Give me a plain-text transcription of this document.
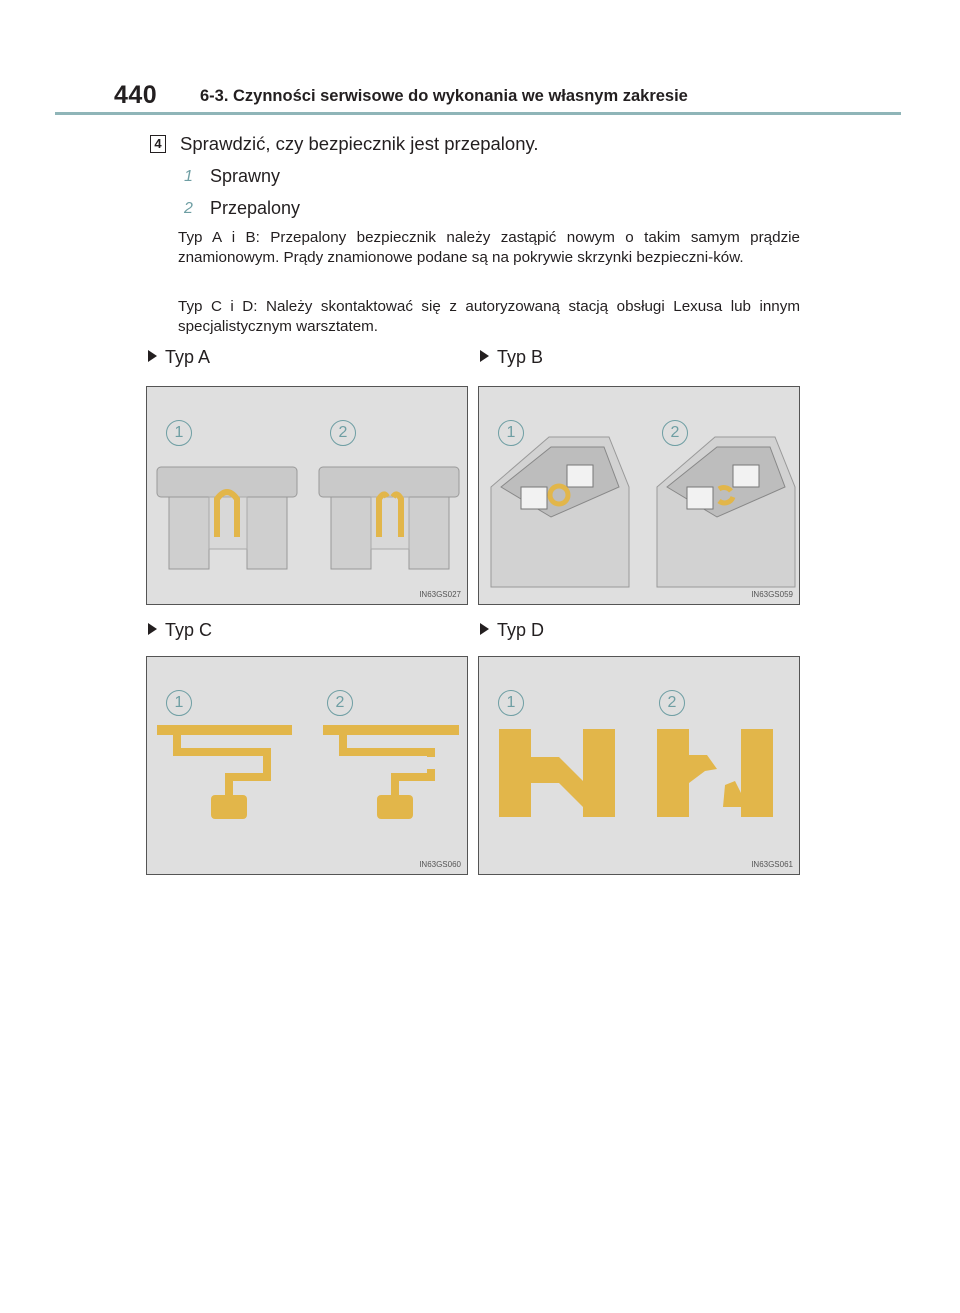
440	6-3. Czynności serwisowe do wykonania we własnym zakresie
4 Sprawdzić, czy bezpiecznik jest przepalony.
1 Sprawny
2 Przepalony
Typ A i B: Przepalony bezpiecznik należy zastąpić nowym o takim samym prądzie znamionowym. Prądy znamionowe podane są na pokrywie skrzynki bezpieczni-ków.
Typ C i D: Należy skontaktować się z autoryzowaną stacją obsługi Lexusa lub innym specjalistycznym warsztatem.
Typ A
1	2
IN63GS027
Typ B
1	2
IN63GS059
Typ C
1	2
IN63GS060
Typ D
1	2
IN63GS061
